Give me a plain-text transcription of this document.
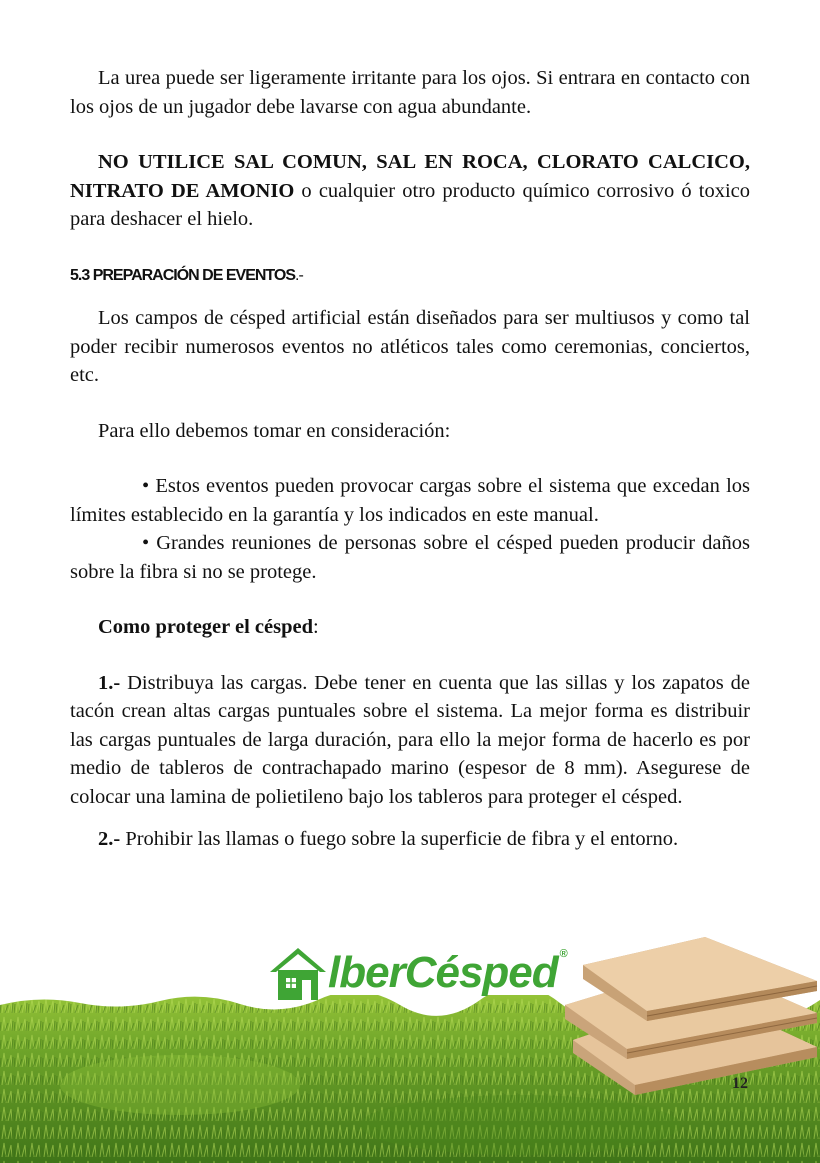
La urea puede ser ligeramente irritante para los ojos. Si entrara en contacto con los ojos de un jugador debe lavarse con agua abundante.

NO UTILICE SAL COMUN, SAL EN ROCA, CLORATO CALCICO, NITRATO DE AMONIO o cualquier otro producto químico corrosivo ó toxico para deshacer el hielo.

5.3 PREPARACIÓN DE EVENTOS.-

Los campos de césped artificial están diseñados para ser multiusos y como tal poder recibir numerosos eventos no atléticos tales como ceremonias, conciertos, etc.

Para ello debemos tomar en consideración:

• Estos eventos pueden provocar cargas sobre el sistema que excedan los límites establecido en la garantía y los indicados en este manual.

• Grandes reuniones de personas sobre el césped pueden producir daños sobre la fibra si no se protege.

Como proteger el césped:

1.- Distribuya las cargas. Debe tener en cuenta que las sillas y los zapatos de tacón crean altas cargas puntuales sobre el sistema. La mejor forma es distribuir las cargas puntuales de larga duración, para ello la mejor forma de hacerlo es por medio de tableros de contrachapado marino (espesor de 8 mm). Asegurese de colocar una lamina de polietileno bajo los tableros para proteger el césped.

2.- Prohibir las llamas o fuego sobre la superficie de fibra y el entorno.

lberCésped ®
12
